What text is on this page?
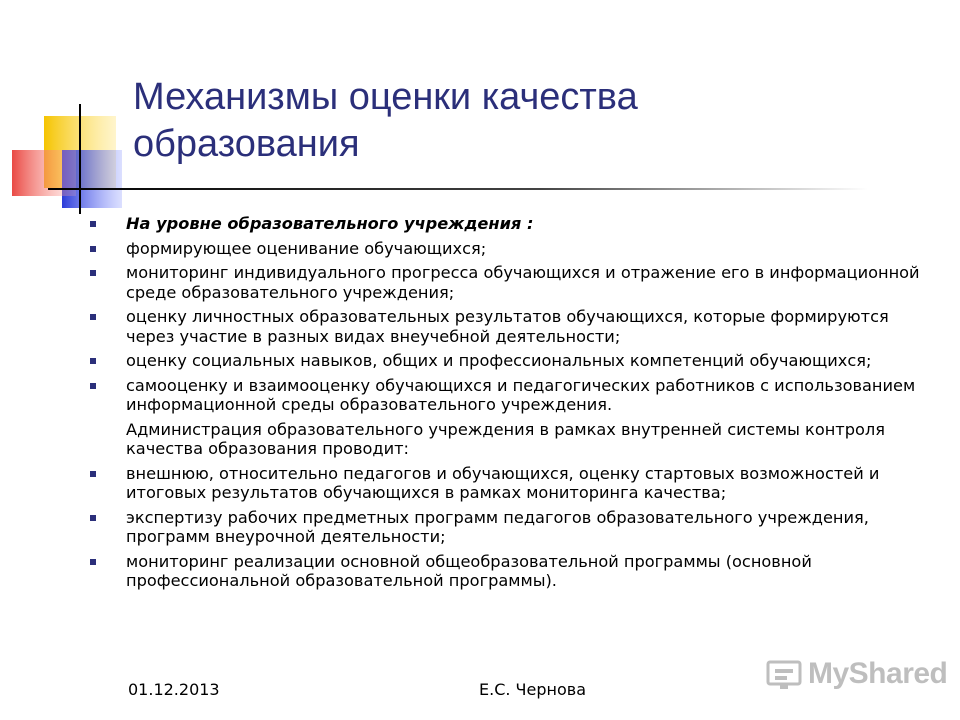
Механизмы оценки качества
образования
На уровне образовательного учреждения :
формирующее оценивание обучающихся;
мониторинг индивидуального прогресса обучающихся и отражение его в информационной среде образовательного учреждения;
оценку личностных образовательных результатов обучающихся, которые формируются через участие в разных видах внеучебной деятельности;
оценку социальных навыков, общих и профессиональных компетенций обучающихся;
самооценку и взаимооценку обучающихся и педагогических работников с использованием информационной среды образовательного учреждения.
Администрация образовательного учреждения в рамках внутренней системы контроля качества образования проводит:
внешнюю, относительно педагогов и обучающихся, оценку стартовых возможностей и итоговых результатов обучающихся в рамках мониторинга качества;
экспертизу рабочих предметных программ педагогов образовательного учреждения, программ внеурочной деятельности;
мониторинг реализации основной общеобразовательной программы (основной профессиональной образовательной программы).
01.12.2013	Е.С. Чернова	MyShared
